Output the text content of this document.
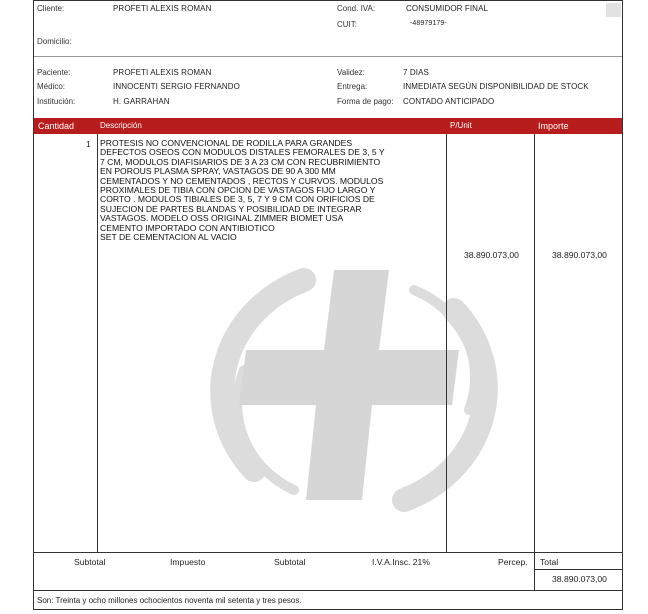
Cliente:	PROFETI ALEXIS ROMAN	Cond. IVA:	CONSUMIDOR FINAL
CUIT:	-48979179-
Domicilio:
Paciente:	PROFETI ALEXIS ROMAN	Validez:	7 DIAS
Médico:	INNOCENTI SERGIO FERNANDO	Entrega:	INMEDIATA SEGÚN DISPONIBILIDAD DE STOCK
Institución:	H. GARRAHAN	Forma de pago: CONTADO ANTICIPADO
Cantidad	Descripción	P/Unit	Importe
1 PROTESIS NO CONVENCIONAL DE RODILLA PARA GRANDES
DEFECTOS OSEOS CON MODULOS DISTALES FEMORALES DE 3, 5 Y
7 CM, MODULOS DIAFISIARIOS DE 3 A 23 CM CON RECUBRIMIENTO
EN POROUS PLASMA SPRAY, VASTAGOS DE 90 A 300 MM
CEMENTADOS Y NO CEMENTADOS , RECTOS Y CURVOS. MODULOS
PROXIMALES DE TIBIA CON OPCION DE VASTAGOS FIJO LARGO Y
CORTO . MODULOS TIBIALES DE 3, 5, 7 Y 9 CM CON ORIFICIOS DE
SUJECION DE PARTES BLANDAS Y POSIBILIDAD DE INTEGRAR
VASTAGOS. MODELO OSS ORIGINAL ZIMMER BIOMET USA
CEMENTO IMPORTADO CON ANTIBIOTICO
SET DE CEMENTACION AL VACIO
38.890.073,00	38.890.073,00
Subtotal	Impuesto	Subtotal	I.V.A.Insc. 21%	Percep. Total
38.890.073,00
Son: Treinta y ocho millones ochocientos noventa mil setenta y tres pesos.
